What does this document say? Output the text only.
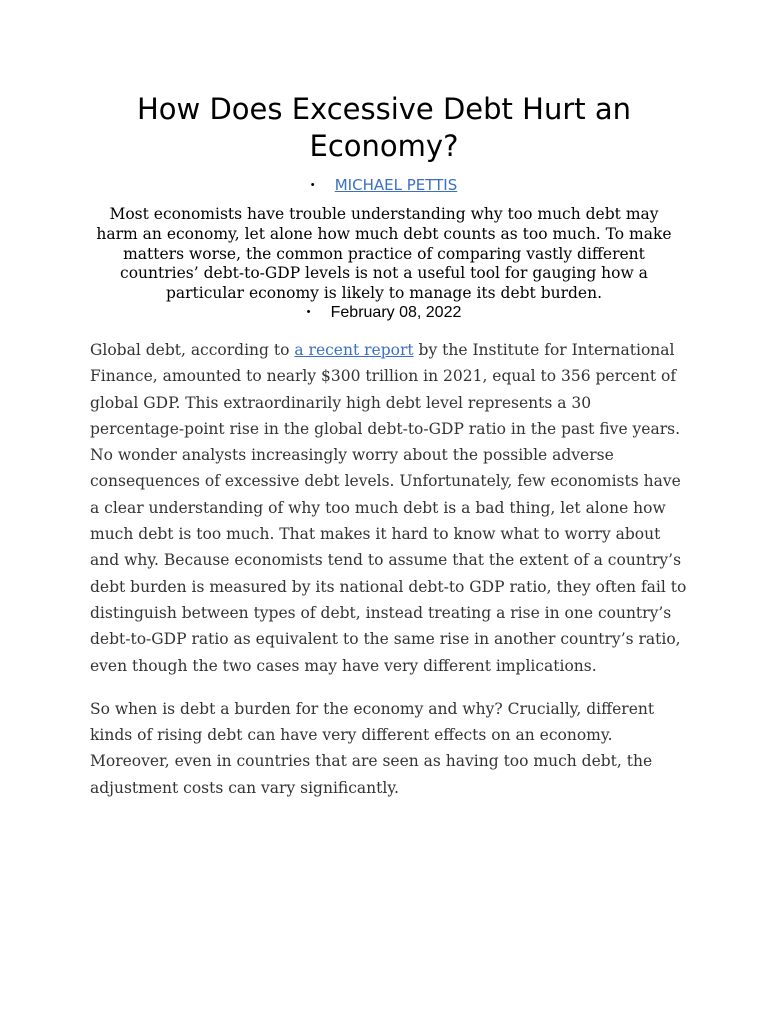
How Does Excessive Debt Hurt an Economy?
• MICHAEL PETTIS

Most economists have trouble understanding why too much debt may harm an economy, let alone how much debt counts as too much. To make matters worse, the common practice of comparing vastly different countries’ debt-to-GDP levels is not a useful tool for gauging how a particular economy is likely to manage its debt burden.

• February 08, 2022

Global debt, according to a recent report by the Institute for International Finance, amounted to nearly $300 trillion in 2021, equal to 356 percent of global GDP. This extraordinarily high debt level represents a 30 percentage-point rise in the global debt-to-GDP ratio in the past five years. No wonder analysts increasingly worry about the possible adverse consequences of excessive debt levels. Unfortunately, few economists have a clear understanding of why too much debt is a bad thing, let alone how much debt is too much. That makes it hard to know what to worry about and why. Because economists tend to assume that the extent of a country’s debt burden is measured by its national debt-to GDP ratio, they often fail to distinguish between types of debt, instead treating a rise in one country’s debt-to-GDP ratio as equivalent to the same rise in another country’s ratio, even though the two cases may have very different implications.

So when is debt a burden for the economy and why? Crucially, different kinds of rising debt can have very different effects on an economy. Moreover, even in countries that are seen as having too much debt, the adjustment costs can vary significantly.
